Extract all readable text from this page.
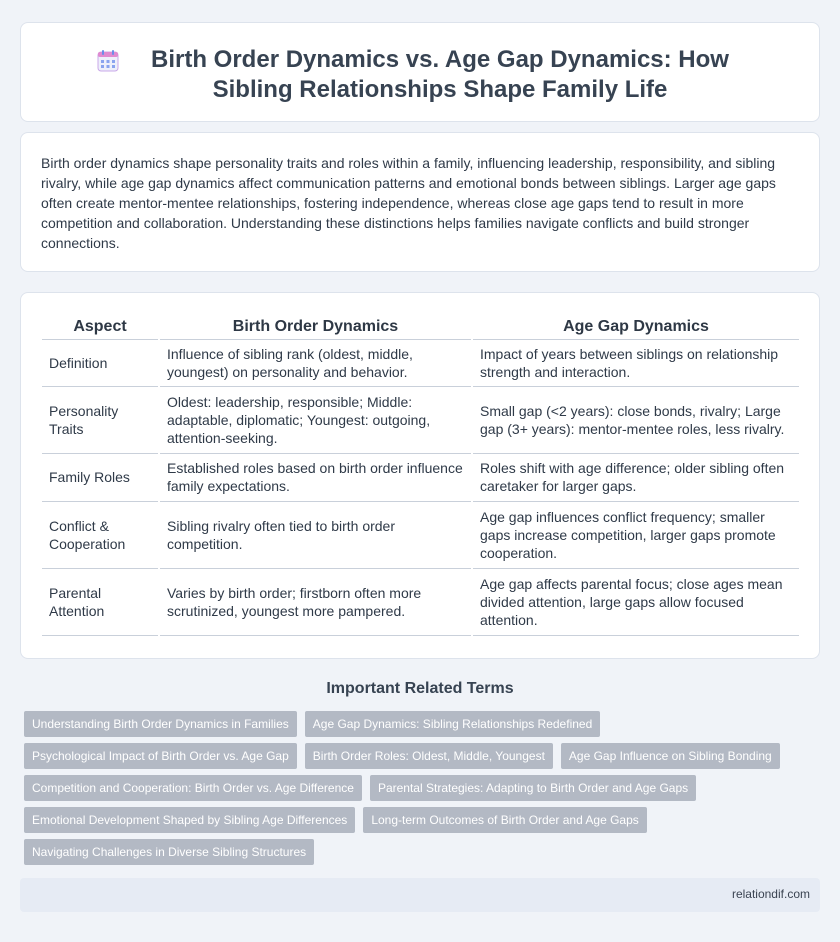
Birth Order Dynamics vs. Age Gap Dynamics: How Sibling Relationships Shape Family Life

Birth order dynamics shape personality traits and roles within a family, influencing leadership, responsibility, and sibling rivalry, while age gap dynamics affect communication patterns and emotional bonds between siblings. Larger age gaps often create mentor-mentee relationships, fostering independence, whereas close age gaps tend to result in more competition and collaboration. Understanding these distinctions helps families navigate conflicts and build stronger connections.

Aspect	Birth Order Dynamics	Age Gap Dynamics
Definition	Influence of sibling rank (oldest, middle, youngest) on personality and behavior.	Impact of years between siblings on relationship strength and interaction.
Personality Traits	Oldest: leadership, responsible; Middle: adaptable, diplomatic; Youngest: outgoing, attention-seeking.	Small gap (<2 years): close bonds, rivalry; Large gap (3+ years): mentor-mentee roles, less rivalry.
Family Roles	Established roles based on birth order influence family expectations.	Roles shift with age difference; older sibling often caretaker for larger gaps.
Conflict & Cooperation	Sibling rivalry often tied to birth order competition.	Age gap influences conflict frequency; smaller gaps increase competition, larger gaps promote cooperation.
Parental Attention	Varies by birth order; firstborn often more scrutinized, youngest more pampered.	Age gap affects parental focus; close ages mean divided attention, large gaps allow focused attention.
Important Related Terms
Understanding Birth Order Dynamics in Families	Age Gap Dynamics: Sibling Relationships Redefined
Psychological Impact of Birth Order vs. Age Gap	Birth Order Roles: Oldest, Middle, Youngest	Age Gap Influence on Sibling Bonding
Competition and Cooperation: Birth Order vs. Age Difference	Parental Strategies: Adapting to Birth Order and Age Gaps
Emotional Development Shaped by Sibling Age Differences	Long-term Outcomes of Birth Order and Age Gaps
Navigating Challenges in Diverse Sibling Structures
relationdif.com
